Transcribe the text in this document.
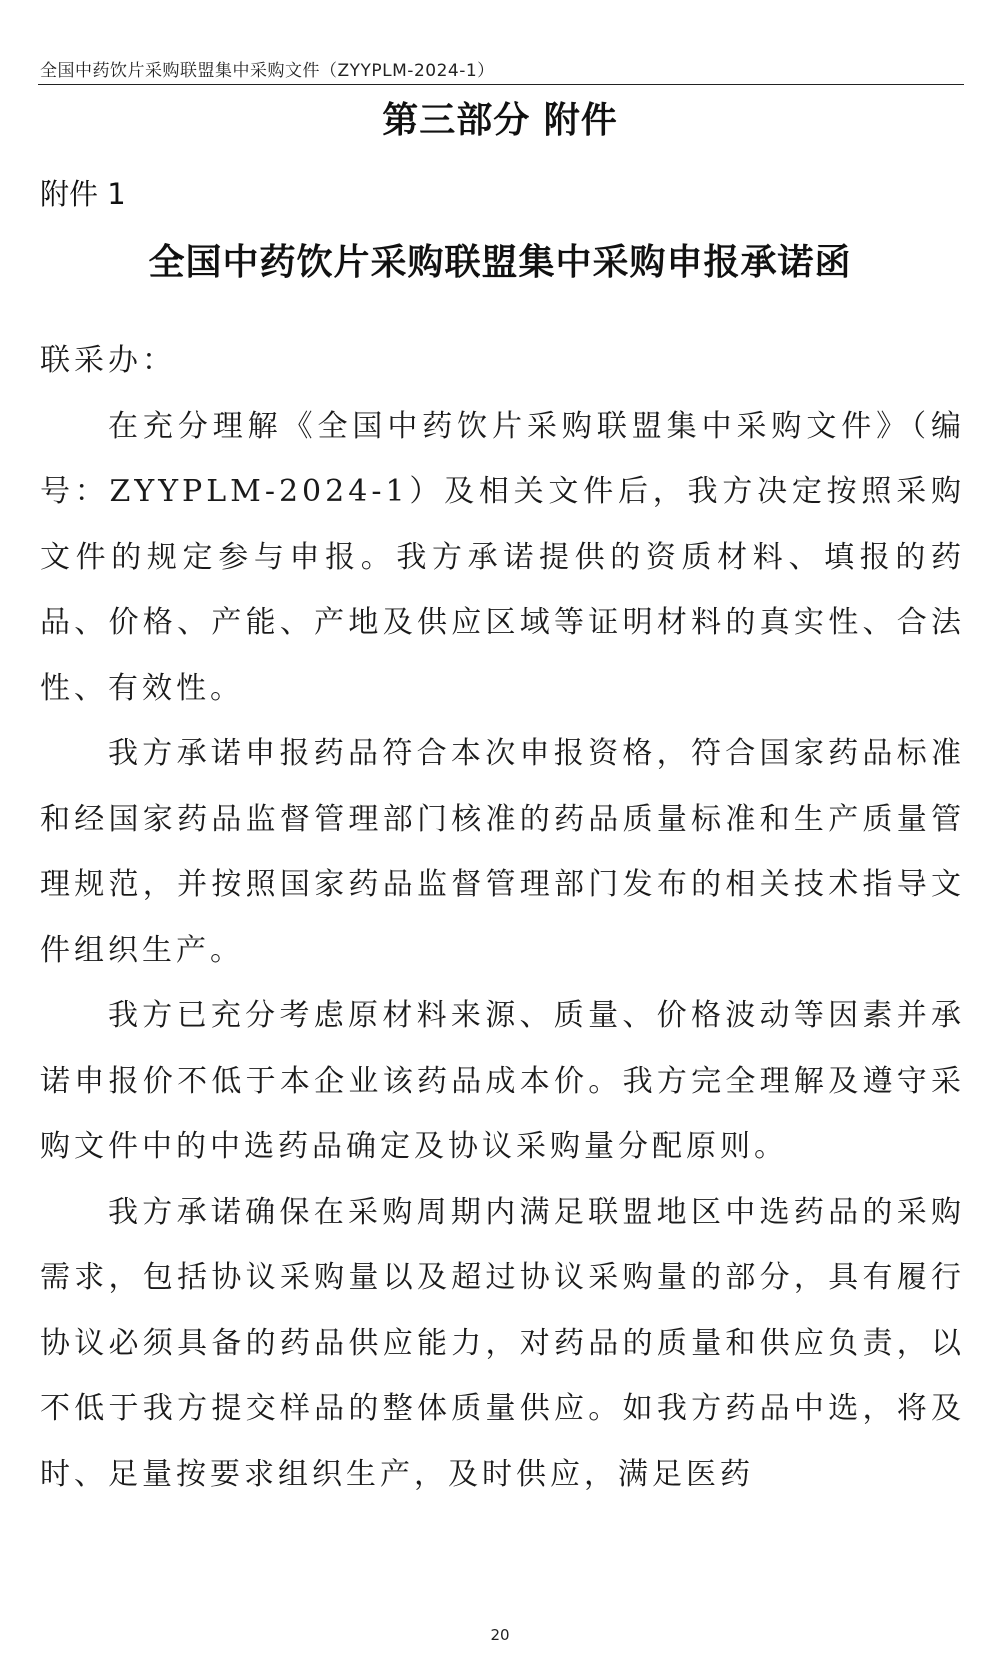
全国中药饮片采购联盟集中采购文件（ZYYPLM-2024-1）
第三部分 附件
附件 1
全国中药饮片采购联盟集中采购申报承诺函

联采办：

在充分理解《全国中药饮片采购联盟集中采购文件》（编号：ZYYPLM-2024-1）及相关文件后，我方决定按照采购文件的规定参与申报。我方承诺提供的资质材料、填报的药品、价格、产能、产地及供应区域等证明材料的真实性、合法性、有效性。

我方承诺申报药品符合本次申报资格，符合国家药品标准和经国家药品监督管理部门核准的药品质量标准和生产质量管理规范，并按照国家药品监督管理部门发布的相关技术指导文件组织生产。

我方已充分考虑原材料来源、质量、价格波动等因素并承诺申报价不低于本企业该药品成本价。我方完全理解及遵守采购文件中的中选药品确定及协议采购量分配原则。

我方承诺确保在采购周期内满足联盟地区中选药品的采购需求，包括协议采购量以及超过协议采购量的部分，具有履行协议必须具备的药品供应能力，对药品的质量和供应负责，以不低于我方提交样品的整体质量供应。如我方药品中选，将及时、足量按要求组织生产，及时供应，满足医药

20
